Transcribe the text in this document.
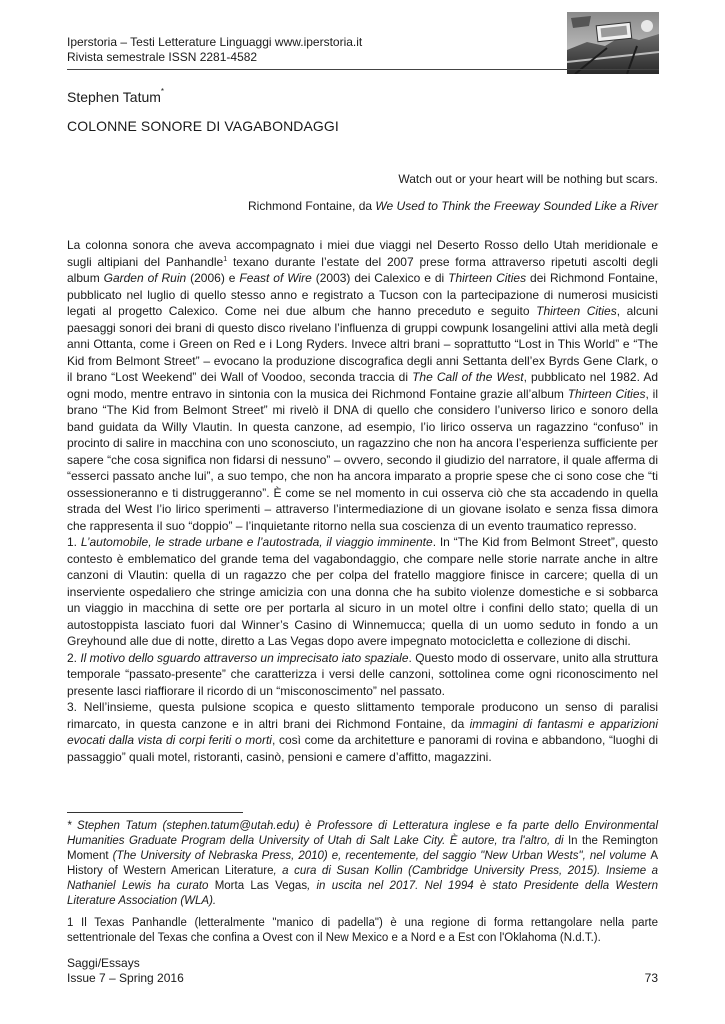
Iperstoria – Testi Letterature Linguaggi www.iperstoria.it
Rivista semestrale ISSN 2281-4582
Stephen Tatum*
COLONNE SONORE DI VAGABONDAGGI
Watch out or your heart will be nothing but scars.
Richmond Fontaine, da We Used to Think the Freeway Sounded Like a River

La colonna sonora che aveva accompagnato i miei due viaggi nel Deserto Rosso dello Utah meridionale e sugli altipiani del Panhandle$^1$ texano durante l’estate del 2007 prese forma attraverso ripetuti ascolti degli album Garden of Ruin (2006) e Feast of Wire (2003) dei Calexico e di Thirteen Cities dei Richmond Fontaine, pubblicato nel luglio di quello stesso anno e registrato a Tucson con la partecipazione di numerosi musicisti legati al progetto Calexico. Come nei due album che hanno preceduto e seguito Thirteen Cities, alcuni paesaggi sonori dei brani di questo disco rivelano l’influenza di gruppi cowpunk losangelini attivi alla metà degli anni Ottanta, come i Green on Red e i Long Ryders. Invece altri brani – soprattutto “Lost in This World” e “The Kid from Belmont Street” – evocano la produzione discografica degli anni Settanta dell’ex Byrds Gene Clark, o il brano “Lost Weekend” dei Wall of Voodoo, seconda traccia di The Call of the West, pubblicato nel 1982. Ad ogni modo, mentre entravo in sintonia con la musica dei Richmond Fontaine grazie all’album Thirteen Cities, il brano “The Kid from Belmont Street” mi rivelò il DNA di quello che considero l’universo lirico e sonoro della band guidata da Willy Vlautin. In questa canzone, ad esempio, l’io lirico osserva un ragazzino “confuso” in procinto di salire in macchina con uno sconosciuto, un ragazzino che non ha ancora l’esperienza sufficiente per sapere “che cosa significa non fidarsi di nessuno” – ovvero, secondo il giudizio del narratore, il quale afferma di “esserci passato anche lui”, a suo tempo, che non ha ancora imparato a proprie spese che ci sono cose che “ti ossessioneranno e ti distruggeranno”. È come se nel momento in cui osserva ciò che sta accadendo in quella strada del West l’io lirico sperimenti – attraverso l’intermediazione di un giovane isolato e senza fissa dimora che rappresenta il suo “doppio” – l’inquietante ritorno nella sua coscienza di un evento traumatico represso.

1. L’automobile, le strade urbane e l’autostrada, il viaggio imminente. In “The Kid from Belmont Street”, questo contesto è emblematico del grande tema del vagabondaggio, che compare nelle storie narrate anche in altre canzoni di Vlautin: quella di un ragazzo che per colpa del fratello maggiore finisce in carcere; quella di un inserviente ospedaliero che stringe amicizia con una donna che ha subito violenze domestiche e si sobbarca un viaggio in macchina di sette ore per portarla al sicuro in un motel oltre i confini dello stato; quella di un autostoppista lasciato fuori dal Winner’s Casino di Winnemucca; quella di un uomo seduto in fondo a un Greyhound alle due di notte, diretto a Las Vegas dopo avere impegnato motocicletta e collezione di dischi.

2. Il motivo dello sguardo attraverso un imprecisato iato spaziale. Questo modo di osservare, unito alla struttura temporale “passato-presente” che caratterizza i versi delle canzoni, sottolinea come ogni riconoscimento nel presente lasci riaffiorare il ricordo di un “misconoscimento” nel passato.

3. Nell’insieme, questa pulsione scopica e questo slittamento temporale producono un senso di paralisi rimarcato, in questa canzone e in altri brani dei Richmond Fontaine, da immagini di fantasmi e apparizioni evocati dalla vista di corpi feriti o morti, così come da architetture e panorami di rovina e abbandono, “luoghi di passaggio” quali motel, ristoranti, casinò, pensioni e camere d’affitto, magazzini.

* Stephen Tatum (stephen.tatum@utah.edu) è Professore di Letteratura inglese e fa parte dello Environmental Humanities Graduate Program della University of Utah di Salt Lake City. È autore, tra l'altro, di In the Remington Moment (The University of Nebraska Press, 2010) e, recentemente, del saggio "New Urban Wests", nel volume A History of Western American Literature, a cura di Susan Kollin (Cambridge University Press, 2015). Insieme a Nathaniel Lewis ha curato Morta Las Vegas, in uscita nel 2017. Nel 1994 è stato Presidente della Western Literature Association (WLA).

1 Il Texas Panhandle (letteralmente "manico di padella") è una regione di forma rettangolare nella parte settentrionale del Texas che confina a Ovest con il New Mexico e a Nord e a Est con l'Oklahoma (N.d.T.).

Saggi/Essays
Issue 7 – Spring 2016	73
